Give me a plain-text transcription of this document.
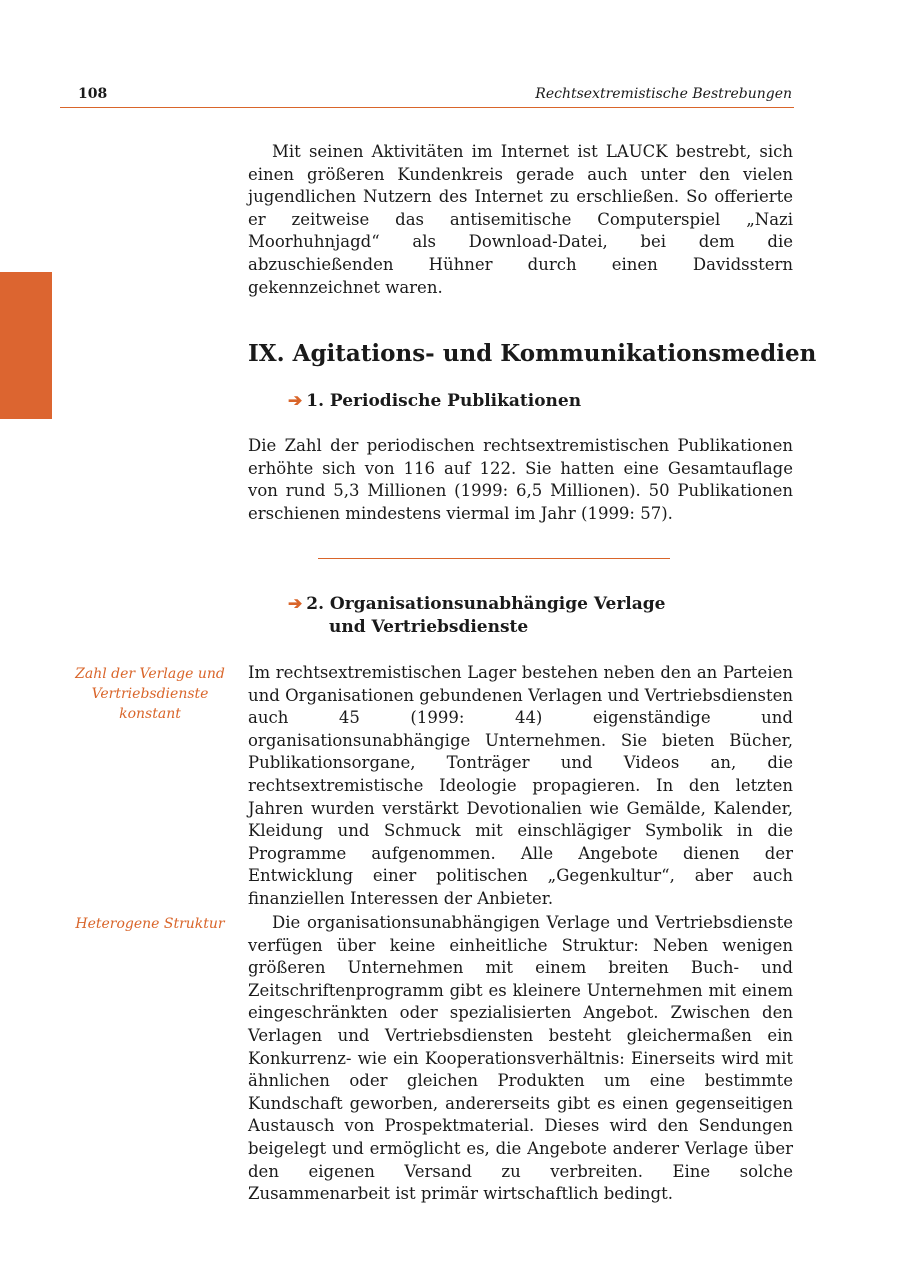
108	Rechtsextremistische Bestrebungen

Mit seinen Aktivitäten im Internet ist LAUCK bestrebt, sich einen größeren Kundenkreis gerade auch unter den vielen jugendlichen Nutzern des Internet zu erschließen. So offerierte er zeitweise das antisemitische Computerspiel „Nazi Moorhuhnjagd“ als Download-Datei, bei dem die abzuschießenden Hühner durch einen Davidsstern gekennzeichnet waren.

IX. Agitations- und Kommunikationsmedien
➔ 1. Periodische Publikationen

Die Zahl der periodischen rechtsextremistischen Publikationen erhöhte sich von 116 auf 122. Sie hatten eine Gesamtauflage von rund 5,3 Millionen (1999: 6,5 Millionen). 50 Publikationen erschienen mindestens viermal im Jahr (1999: 57).

➔ 2. Organisationsunabhängige Verlage
und Vertriebsdienste

Zahl der Verlage und Vertriebsdienste konstant

Im rechtsextremistischen Lager bestehen neben den an Parteien und Organisationen gebundenen Verlagen und Vertriebsdiensten auch 45 (1999: 44) eigenständige und organisationsunabhängige Unternehmen. Sie bieten Bücher, Publikationsorgane, Tonträger und Videos an, die rechtsextremistische Ideologie propagieren. In den letzten Jahren wurden verstärkt Devotionalien wie Gemälde, Kalender, Kleidung und Schmuck mit einschlägiger Symbolik in die Programme aufgenommen. Alle Angebote dienen der Entwicklung einer politischen „Gegenkultur“, aber auch finanziellen Interessen der Anbieter.

Heterogene Struktur	Die organisationsunabhängigen Verlage und Vertriebsdienste verfügen über keine einheitliche Struktur: Neben wenigen größeren Unternehmen mit einem breiten Buch- und Zeitschriftenprogramm gibt es kleinere Unternehmen mit einem eingeschränkten oder spezialisierten Angebot. Zwischen den Verlagen und Vertriebsdiensten besteht gleichermaßen ein Konkurrenz- wie ein Kooperationsverhältnis: Einerseits wird mit ähnlichen oder gleichen Produkten um eine bestimmte Kundschaft geworben, andererseits gibt es einen gegenseitigen Austausch von Prospektmaterial. Dieses wird den Sendungen beigelegt und ermöglicht es, die Angebote anderer Verlage über den eigenen Versand zu verbreiten. Eine solche Zusammenarbeit ist primär wirtschaftlich bedingt.
